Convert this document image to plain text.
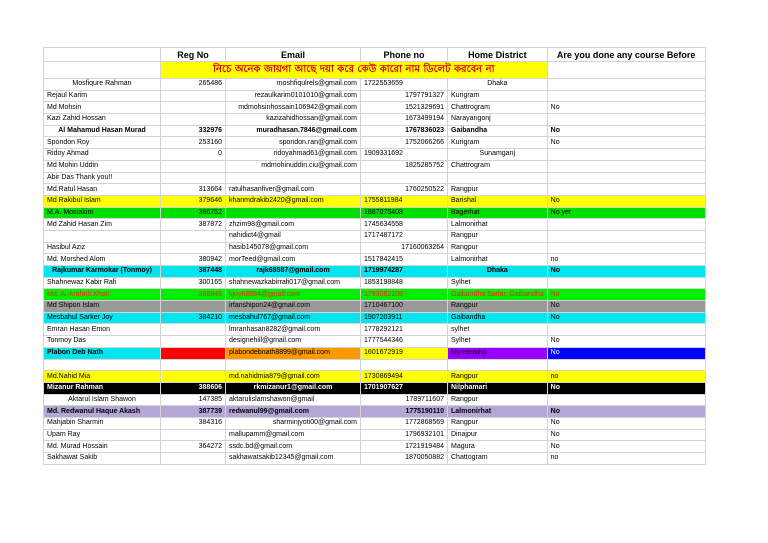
	Reg No	Email	Phone no	Home District	Are you done any course Before
	নিচে অনেক জায়গা আছে দয়া করে কেউ কারো নাম ডিলেট করবেন না				
Mosfiqure Rahman	265486	moshfiqulrels@gmail.com	1722553659	Dhaka	
Rejaul Karim		rezaulkarim0101010@gmail.com	1797791327	Kurigram	
Md Mohsin		mdmohsinhossain106942@gmail.com	1521329691	Chattrogram	No
Kazi Zahid Hossan		kazizahidhossan@gmail.com	1673499194	Narayangonj	
Al Mahamud Hasan Murad	332976	muradhasan.7846@gmail.com	1767836023	Gaibandha	No
Spondon Roy	253160	spondon.ran@gmail.com	1752066266	Kurigram	No
Ridoy Ahmad	0	ridoyahmad61@gmail.com	1909331692	Sunamganj	
Md Mohin Uddin		mdmohinuddin.ciu@gmail.com	1825285752	Chattrogram	
Abir Das Thank you!!					
Md.Ratul Hasan	313664	ratulhasanfiver@gmail.com	1760250522	Rangpur	
Md Rakibul Islam	379646	khanmdrakib2420@gmail.com	1755811984	Barishal	No
M.A. Mostakim	386752		1887075408	Bagerhat	No yet
Md Zahid Hasan Zim	387872	zhzim98@gmail.com	1745634558	Lalmonirhat	
		nahidict4@gmail	1717487172	Rangpur	
Hasibul Aziz		hasib145078@gmail.com	17160063264	Rangpur	
Md. Morshed Alom	380942	morTeed@gmail.com	1517842415	Lalmonirhat	no
Rajkumar Karmokar (Tonmoy)	387448	rajk68587@gmail.com	1719974287	Dhaka	No
Shahnewaz Kabir Rafi	300165	shahnewazkabirrafi017@gmail.com	1853198848	Sylhet	
Md. Al-Arafath Khan	388846	kjoy68684@gmail.com	1783082108	Gaibandha Sadar, Gaibandha	No
Md Shipon Islam		irfanshipon24@gmail.com	1710467100	Rangpur	No
Mesbahul Sarker Joy	384210	mesbahul767@gmail.com	1907203911	Gaibandha	No
Emran Hasan Emon		lmranhasan8282@gmail.com	1778292121	sylhet	
Tonmoy Das		designehill@gmail.com	1777544346	Sylhet	No
Plabon Deb Nath		plabondebnath8899@gmail.com	1601672919	Mymensing	No

Md.Nahid Mia		md.nahidmia879@gmail.com	1730869494	Rangpur	no
Mizanur Rahman	388606	rkmizanur1@gmail.com	1701907627	Nilphamari	No
Aktarul Islam Shawon	147385	aktarulislamshawon@gmail	1789711607	Rangpur	
Md. Redwanul Haque Akash	387739	redwanul99@gmail.com	1775190110	Lalmonirhat	No
Mahjabin Sharmin	384316	sharminjyoti00@gmail.com	1772868569	Rangpur	No
Upam Ray		mallupamm@gmail.com	1796932101	Dinajpur	No
Md. Murad Hossain	364272	ssdc.bd@gmail.com	1721919484	Magura	No
Sakhawat Sakib		sakhawatsakib12345@gmail.com	1870050882	Chattogram	no
